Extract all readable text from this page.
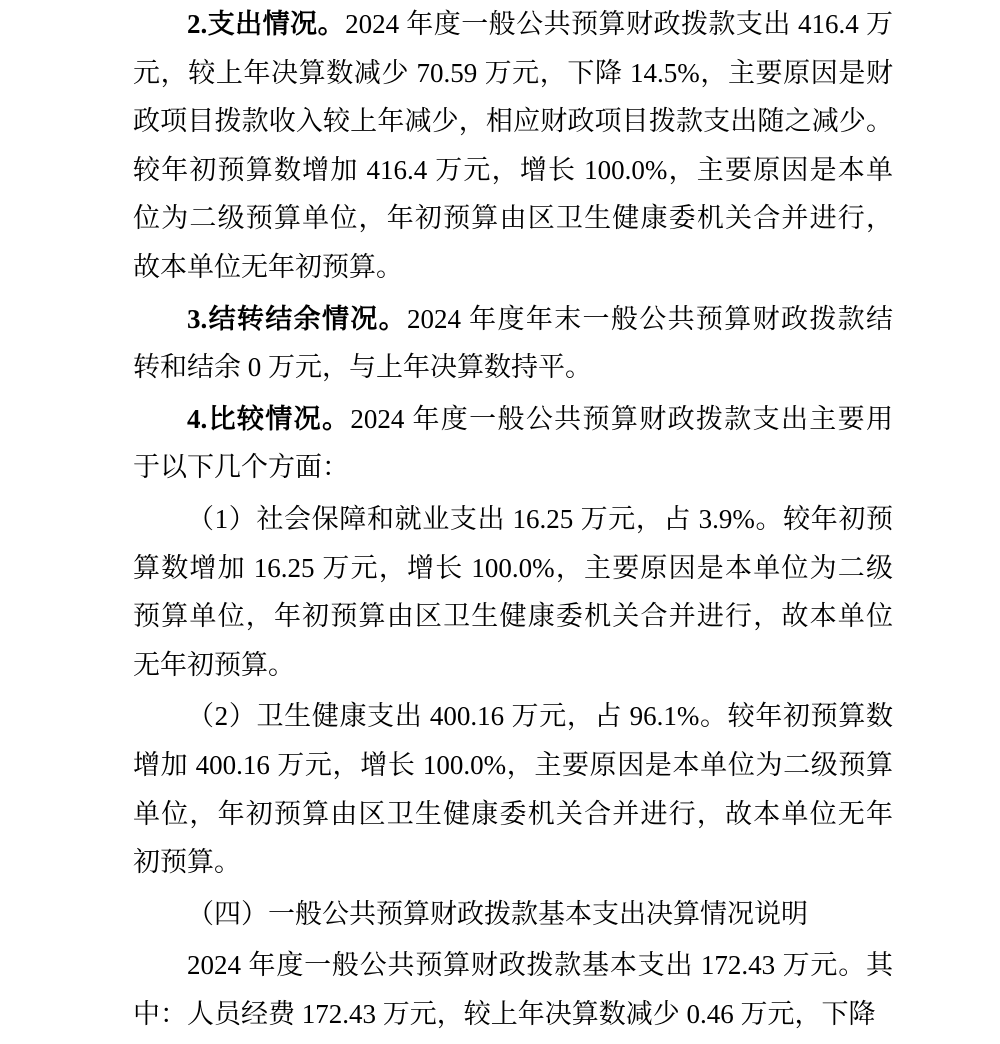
2.支出情况。2024 年度一般公共预算财政拨款支出 416.4 万

元，较上年决算数减少 70.59 万元，下降 14.5%，主要原因是财

政项目拨款收入较上年减少，相应财政项目拨款支出随之减少。

较年初预算数增加 416.4 万元，增长 100.0%，主要原因是本单

位为二级预算单位，年初预算由区卫生健康委机关合并进行，

故本单位无年初预算。

3.结转结余情况。2024 年度年末一般公共预算财政拨款结

转和结余 0 万元，与上年决算数持平。

4.比较情况。2024 年度一般公共预算财政拨款支出主要用

于以下几个方面：

（1）社会保障和就业支出 16.25 万元，占 3.9%。较年初预

算数增加 16.25 万元，增长 100.0%，主要原因是本单位为二级

预算单位，年初预算由区卫生健康委机关合并进行，故本单位

无年初预算。

（2）卫生健康支出 400.16 万元，占 96.1%。较年初预算数

增加 400.16 万元，增长 100.0%，主要原因是本单位为二级预算

单位，年初预算由区卫生健康委机关合并进行，故本单位无年

初预算。

（四）一般公共预算财政拨款基本支出决算情况说明

2024 年度一般公共预算财政拨款基本支出 172.43 万元。其

中：人员经费 172.43 万元，较上年决算数减少 0.46 万元，下降
